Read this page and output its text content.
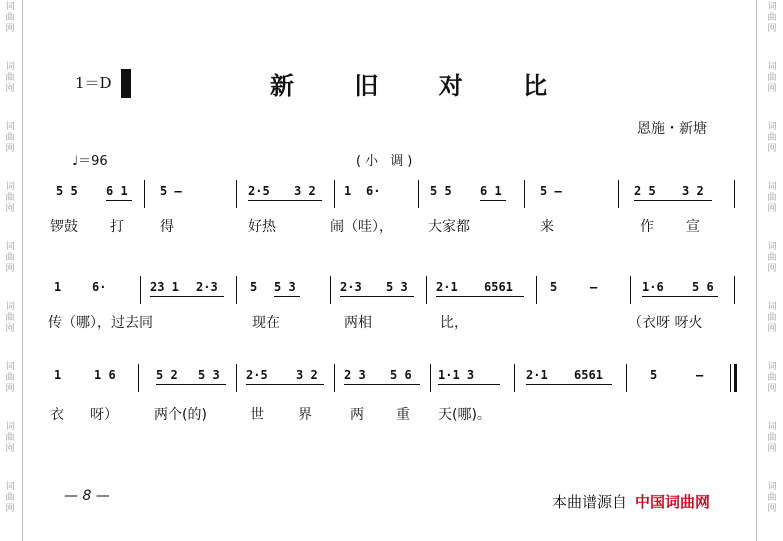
词
曲
网
词
曲
网
词
曲
网
词
曲
网
词
曲
网
词
曲
网
词
曲
网
词
曲
网
词
曲
网
词
曲
网
词
曲
网
词
曲
网
词
曲
网
词
曲
网
词
曲
网
词
曲
网
词
曲
网
词
曲
网
1＝D	新 旧 对 比
恩施・新塘
♩＝96	(小 调)
5 5 6 1	5 —	2·5 3 2 1 6·	5 5 6 1	5 —	2 5 3 2
锣鼓 打	得	好热	闹（哇），	大家都	来	作 宣
1	6·	23 1 2·3	5 5 3	2·3 5 3 2·1 6561	5	—	1·6 5 6
传（哪），过去同	现在	两相	比，	（衣呀 呀火
1	1 6	5 2 5 3 2·5 3 2 2 3 5 6 1·1 3	2·1 6561	5	—
衣 呀）	两个(的)	世 界	两 重 天(哪)。
— 8 —	本曲谱源自 中国词曲网
